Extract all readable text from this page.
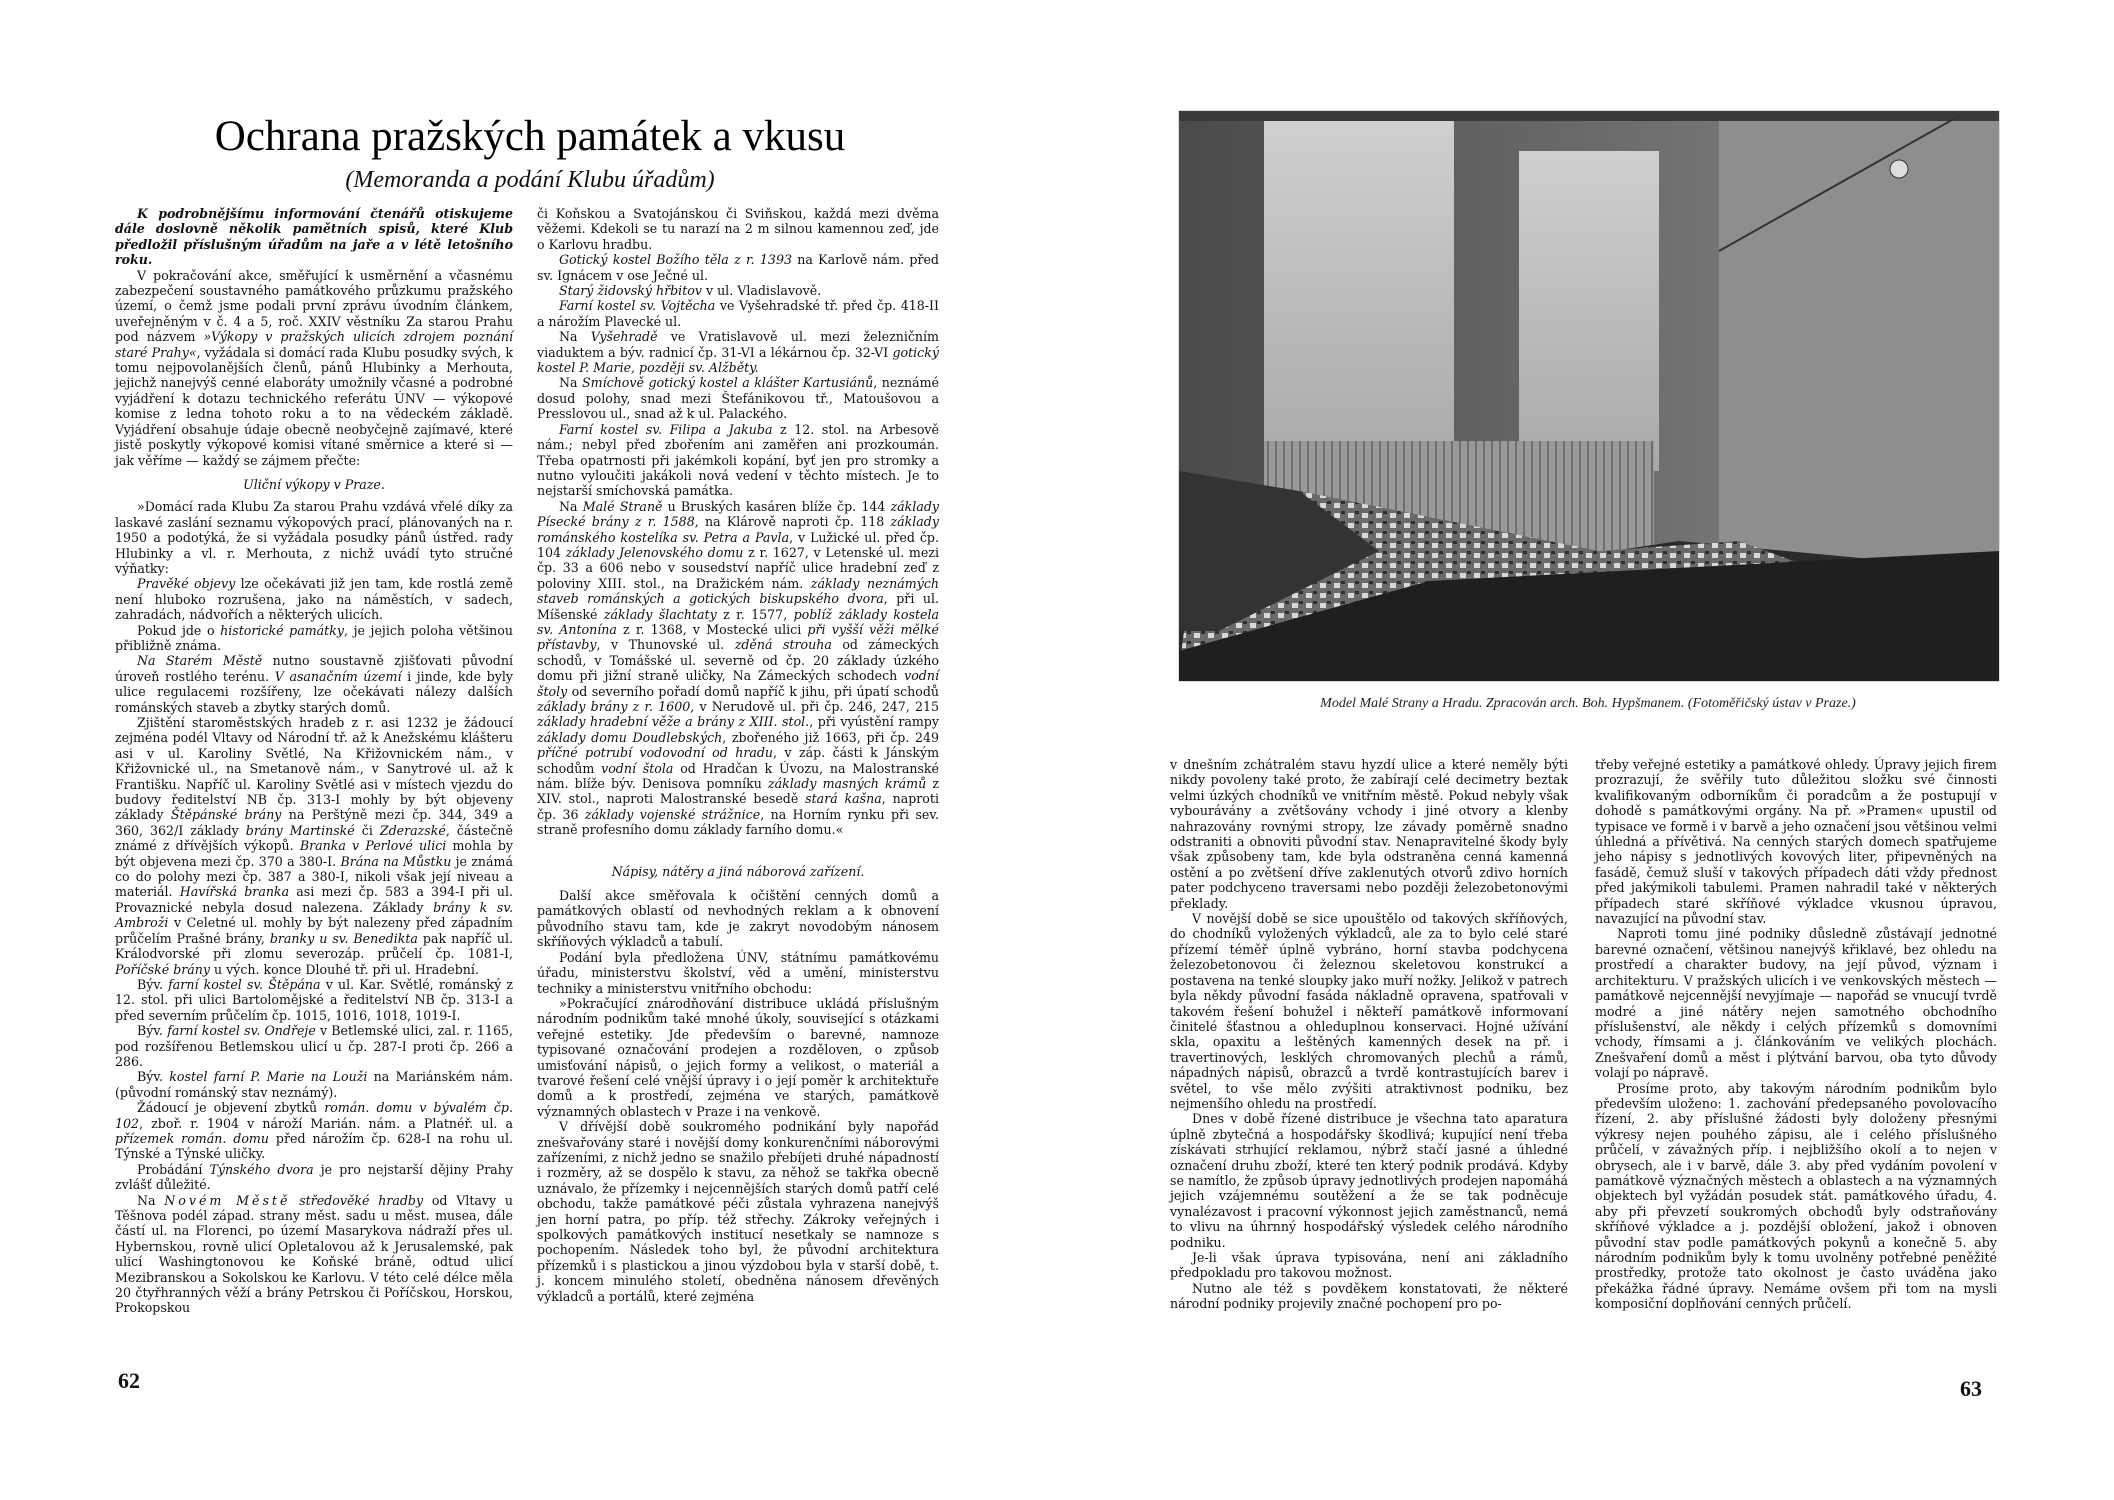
Ochrana pražských památek a vkusu
(Memoranda a podání Klubu úřadům)

K podrobnějšímu informování čtenářů otiskujeme dále doslovně několik pamětních spisů, které Klub předložil příslušným úřadům na jaře a v létě letošního roku.

V pokračování akce, směřující k usměrnění a včasnému zabezpečení soustavného památkového průzkumu pražského území, o čemž jsme podali první zprávu úvodním článkem, uveřejněným v č. 4 a 5, roč. XXIV věstníku Za starou Prahu pod názvem »Výkopy v pražských ulicích zdrojem poznání staré Prahy«, vyžádala si domácí rada Klubu posudky svých, k tomu nejpovolanějších členů, pánů Hlubinky a Merhouta, jejichž nanejvýš cenné elaboráty umožnily včasné a podrobné vyjádření k dotazu technického referátu ÚNV — výkopové komise z ledna tohoto roku a to na vědeckém základě. Vyjádření obsahuje údaje obecně neobyčejně zajímavé, které jistě poskytly výkopové komisi vítané směrnice a které si — jak věříme — každý se zájmem přečte:

Uliční výkopy v Praze.

»Domácí rada Klubu Za starou Prahu vzdává vřelé díky za laskavé zaslání seznamu výkopových prací, plánovaných na r. 1950 a podotýká, že si vyžádala posudky pánů ústřed. rady Hlubinky a vl. r. Merhouta, z nichž uvádí tyto stručné výňatky:

Pravěké objevy lze očekávati již jen tam, kde rostlá země není hluboko rozrušena, jako na náměstích, v sadech, zahradách, nádvořích a některých ulicích.

Pokud jde o historické památky, je jejich poloha většinou přibližně známa.

Na Starém Městě nutno soustavně zjišťovati původní úroveň rostlého terénu. V asanačním území i jinde, kde byly ulice regulacemi rozšířeny, lze očekávati nálezy dalších románských staveb a zbytky starých domů.

Zjištění staroměstských hradeb z r. asi 1232 je žádoucí zejména podél Vltavy od Národní tř. až k Anežskému klášteru asi v ul. Karoliny Světlé, Na Křižovnickém nám., v Křižovnické ul., na Smetanově nám., v Sanytrové ul. až k Františku. Napříč ul. Karoliny Světlé asi v místech vjezdu do budovy ředitelství NB čp. 313-I mohly by být objeveny základy Štěpánské brány na Perštýně mezi čp. 344, 349 a 360, 362/I základy brány Martinské či Zderazské, částečně známé z dřívějších výkopů. Branka v Perlové ulici mohla by být objevena mezi čp. 370 a 380-I. Brána na Můstku je známá co do polohy mezi čp. 387 a 380-I, nikoli však její niveau a materiál. Havířská branka asi mezi čp. 583 a 394-I při ul. Provaznické nebyla dosud nalezena. Základy brány k sv. Ambroži v Celetné ul. mohly by být nalezeny před západním průčelím Prašné brány, branky u sv. Benedikta pak napříč ul. Králodvorské při zlomu severozáp. průčelí čp. 1081-I, Poříčské brány u vých. konce Dlouhé tř. při ul. Hradební.

Býv. farní kostel sv. Štěpána v ul. Kar. Světlé, románský z 12. stol. při ulici Bartolomějské a ředitelství NB čp. 313-I a před severním průčelím čp. 1015, 1016, 1018, 1019-I.

Býv. farní kostel sv. Ondřeje v Betlemské ulici, zal. r. 1165, pod rozšířenou Betlemskou ulicí u čp. 287-I proti čp. 266 a 286.

Býv. kostel farní P. Marie na Louži na Mariánském nám. (původní románský stav neznámý).

Žádoucí je objevení zbytků román. domu v bývalém čp. 102, zboř. r. 1904 v nároží Marián. nám. a Platnéř. ul. a přízemek román. domu před nárožím čp. 628-I na rohu ul. Týnské a Týnské uličky.

Probádání Týnského dvora je pro nejstarší dějiny Prahy zvlášť důležité.

Na Novém Městě středověké hradby od Vltavy u Těšnova podél západ. strany měst. sadu u měst. musea, dále částí ul. na Florenci, po území Masarykova nádraží přes ul. Hybernskou, rovně ulicí Opletalovou až k Jerusalemské, pak ulicí Washingtonovou ke Koňské bráně, odtud ulicí Mezibranskou a Sokolskou ke Karlovu. V této celé délce měla 20 čtyřhranných věží a brány Petrskou či Poříčskou, Horskou, Prokopskou

či Koňskou a Svatojánskou či Sviňskou, každá mezi dvěma věžemi. Kdekoli se tu narazí na 2 m silnou kamennou zeď, jde o Karlovu hradbu.

Gotický kostel Božího těla z r. 1393 na Karlově nám. před sv. Ignácem v ose Ječné ul.

Starý židovský hřbitov v ul. Vladislavově.

Farní kostel sv. Vojtěcha ve Vyšehradské tř. před čp. 418-II a nárožím Plavecké ul.

Na Vyšehradě ve Vratislavově ul. mezi železničním viaduktem a býv. radnicí čp. 31-VI a lékárnou čp. 32-VI gotický kostel P. Marie, později sv. Alžběty.

Na Smíchově gotický kostel a klášter Kartusiánů, neznámé dosud polohy, snad mezi Štefánikovou tř., Matoušovou a Presslovou ul., snad až k ul. Palackého.

Farní kostel sv. Filipa a Jakuba z 12. stol. na Arbesově nám.; nebyl před zbořením ani zaměřen ani prozkoumán. Třeba opatrnosti při jakémkoli kopání, byť jen pro stromky a nutno vyloučiti jakákoli nová vedení v těchto místech. Je to nejstarší smíchovská památka.

Na Malé Straně u Bruských kasáren blíže čp. 144 základy Písecké brány z r. 1588, na Klárově naproti čp. 118 základy románského kostelíka sv. Petra a Pavla, v Lužické ul. před čp. 104 základy Jelenovského domu z r. 1627, v Letenské ul. mezi čp. 33 a 606 nebo v sousedství napříč ulice hradební zeď z poloviny XIII. stol., na Dražickém nám. základy neznámých staveb románských a gotických biskupského dvora, při ul. Míšenské základy šlachtaty z r. 1577, poblíž základy kostela sv. Antonína z r. 1368, v Mostecké ulici při vyšší věži mělké přístavby, v Thunovské ul. zděná strouha od zámeckých schodů, v Tomášské ul. severně od čp. 20 základy úzkého domu při jižní straně uličky, Na Zámeckých schodech vodní štoly od severního pořadí domů napříč k jihu, při úpatí schodů základy brány z r. 1600, v Nerudově ul. při čp. 246, 247, 215 základy hradební věže a brány z XIII. stol., při vyústění rampy základy domu Doudlebských, zbořeného již 1663, při čp. 249 příčné potrubí vodovodní od hradu, v záp. části k Jánským schodům vodní štola od Hradčan k Úvozu, na Malostranské nám. blíže býv. Denisova pomníku základy masných krámů z XIV. stol., naproti Malostranské besedě stará kašna, naproti čp. 36 základy vojenské strážnice, na Horním rynku při sev. straně profesního domu základy farního domu.«

Nápisy, nátěry a jiná náborová zařízení.

Další akce směřovala k očištění cenných domů a památkových oblastí od nevhodných reklam a k obnovení původního stavu tam, kde je zakryt novodobým nánosem skříňových výkladců a tabulí.

Podání byla předložena ÚNV, státnímu památkovému úřadu, ministerstvu školství, věd a umění, ministerstvu techniky a ministerstvu vnitřního obchodu:

»Pokračující znárodňování distribuce ukládá příslušným národním podnikům také mnohé úkoly, související s otázkami veřejné estetiky. Jde především o barevné, namnoze typisované označování prodejen a rozděloven, o způsob umisťování nápisů, o jejich formy a velikost, o materiál a tvarové řešení celé vnější úpravy i o její poměr k architektuře domů a k prostředí, zejména ve starých, památkově významných oblastech v Praze i na venkově.

V dřívější době soukromého podnikání byly napořád znešvařovány staré i novější domy konkurenčními náborovými zařízeními, z nichž jedno se snažilo přebíjeti druhé nápadností i rozměry, až se dospělo k stavu, za něhož se takřka obecně uznávalo, že přízemky i nejcennějších starých domů patří celé obchodu, takže památkové péči zůstala vyhrazena nanejvýš jen horní patra, po příp. též střechy. Zákroky veřejných i spolkových památkových institucí nesetkaly se namnoze s pochopením. Následek toho byl, že původní architektura přízemků i s plastickou a jinou výzdobou byla v starší době, t. j. koncem minulého století, obedněna nánosem dřevěných výkladců a portálů, které zejména

62
Model Malé Strany a Hradu. Zpracován arch. Boh. Hypšmanem. (Fotoměřičský ústav v Praze.)

v dnešním zchátralém stavu hyzdí ulice a které neměly býti nikdy povoleny také proto, že zabírají celé decimetry beztak velmi úzkých chodníků ve vnitřním městě. Pokud nebyly však vybourávány a zvětšovány vchody i jiné otvory a klenby nahrazovány rovnými stropy, lze závady poměrně snadno odstraniti a obnoviti původní stav. Nenapravitelné škody byly však způsobeny tam, kde byla odstraněna cenná kamenná ostění a po zvětšení dříve zaklenutých otvorů zdivo horních pater podchyceno traversami nebo později železobetonovými překlady.

V novější době se sice upouštělo od takových skříňových, do chodníků vyložených výkladců, ale za to bylo celé staré přízemí téměř úplně vybráno, horní stavba podchycena železobetonovou či železnou skeletovou konstrukcí a postavena na tenké sloupky jako muří nožky. Jelikož v patrech byla někdy původní fasáda nákladně opravena, spatřovali v takovém řešení bohužel i někteří památkově informovaní činitelé šťastnou a ohleduplnou konservaci. Hojné užívání skla, opaxitu a leštěných kamenných desek na př. i travertinových, lesklých chromovaných plechů a rámů, nápadných nápisů, obrazců a tvrdě kontrastujících barev i světel, to vše mělo zvýšiti atraktivnost podniku, bez nejmenšího ohledu na prostředí.

Dnes v době řízené distribuce je všechna tato aparatura úplně zbytečná a hospodářsky škodlivá; kupující není třeba získávati strhující reklamou, nýbrž stačí jasné a úhledné označení druhu zboží, které ten který podnik prodává. Kdyby se namítlo, že způsob úpravy jednotlivých prodejen napomáhá jejich vzájemnému soutěžení a že se tak podněcuje vynalézavost i pracovní výkonnost jejich zaměstnanců, nemá to vlivu na úhrnný hospodářský výsledek celého národního podniku.

Je-li však úprava typisována, není ani základního předpokladu pro takovou možnost.

Nutno ale též s povděkem konstatovati, že některé národní podniky projevily značné pochopení pro po-

třeby veřejné estetiky a památkové ohledy. Úpravy jejich firem prozrazují, že svěřily tuto důležitou složku své činnosti kvalifikovaným odborníkům či poradcům a že postupují v dohodě s památkovými orgány. Na př. »Pramen« upustil od typisace ve formě i v barvě a jeho označení jsou většinou velmi úhledná a přívětivá. Na cenných starých domech spatřujeme jeho nápisy s jednotlivých kovových liter, připevněných na fasádě, čemuž sluší v takových případech dáti vždy přednost před jakýmikoli tabulemi. Pramen nahradil také v některých případech staré skříňové výkladce vkusnou úpravou, navazující na původní stav.

Naproti tomu jiné podniky důsledně zůstávají jednotné barevné označení, většinou nanejvýš křiklavé, bez ohledu na prostředí a charakter budovy, na její původ, význam i architekturu. V pražských ulicích i ve venkovských městech — památkově nejcennější nevyjímaje — napořád se vnucují tvrdě modré a jiné nátěry nejen samotného obchodního příslušenství, ale někdy i celých přízemků s domovními vchody, římsami a j. článkováním ve velikých plochách. Znešvaření domů a měst i plýtvání barvou, oba tyto důvody volají po nápravě.

Prosíme proto, aby takovým národním podnikům bylo především uloženo: 1. zachování předepsaného povolovacího řízení, 2. aby příslušné žádosti byly doloženy přesnými výkresy nejen pouhého zápisu, ale i celého příslušného průčelí, v závažných příp. i nejbližšího okolí a to nejen v obrysech, ale i v barvě, dále 3. aby před vydáním povolení v památkově význačných městech a oblastech a na významných objektech byl vyžádán posudek stát. památkového úřadu, 4. aby při převzetí soukromých obchodů byly odstraňovány skříňové výkladce a j. pozdější obložení, jakož i obnoven původní stav podle památkových pokynů a konečně 5. aby národním podnikům byly k tomu uvolněny potřebné peněžité prostředky, protože tato okolnost je často uváděna jako překážka řádné úpravy. Nemáme ovšem při tom na mysli komposiční doplňování cenných průčelí.

63
